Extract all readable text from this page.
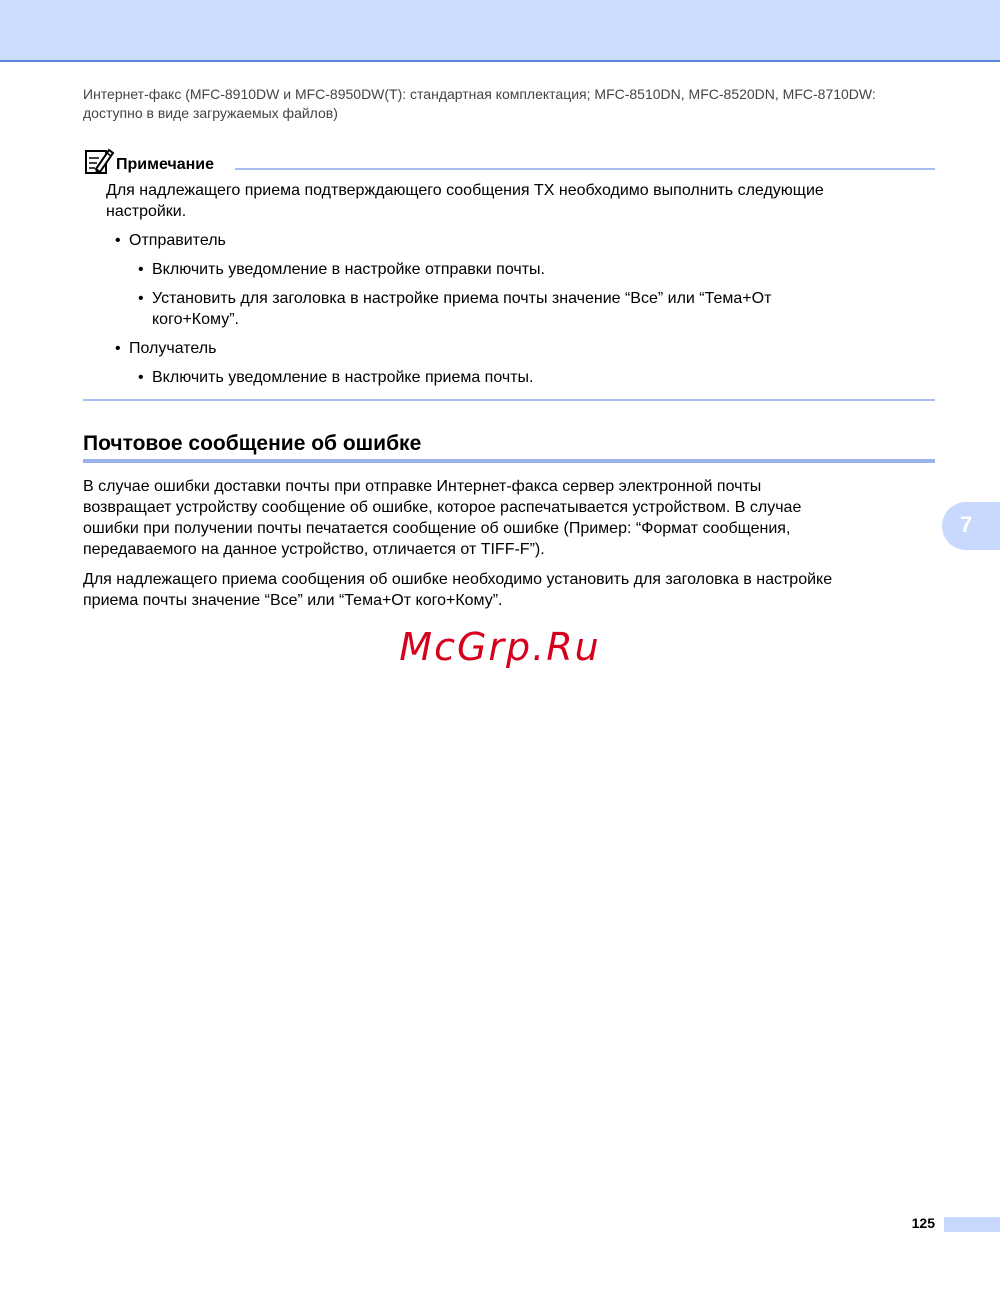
Интернет-факс (MFC-8910DW и MFC-8950DW(T): стандартная комплектация; MFC-8510DN, MFC-8520DN, MFC-8710DW:
доступно в виде загружаемых файлов)
Примечание

Для надлежащего приема подтверждающего сообщения TX необходимо выполнить следующие
настройки.

• Отправитель
• Включить уведомление в настройке отправки почты.
• Установить для заголовка в настройке приема почты значение “Все” или “Тема+От
кого+Кому”.
• Получатель
• Включить уведомление в настройке приема почты.
Почтовое сообщение об ошибке

В случае ошибки доставки почты при отправке Интернет-факса сервер электронной почты
возвращает устройству сообщение об ошибке, которое распечатывается устройством. В случае
ошибки при получении почты печатается сообщение об ошибке (Пример: “Формат сообщения,
передаваемого на данное устройство, отличается от TIFF-F”).

Для надлежащего приема сообщения об ошибке необходимо установить для заголовка в настройке
приема почты значение “Все” или “Тема+От кого+Кому”.

McGrp.Ru
7
125
